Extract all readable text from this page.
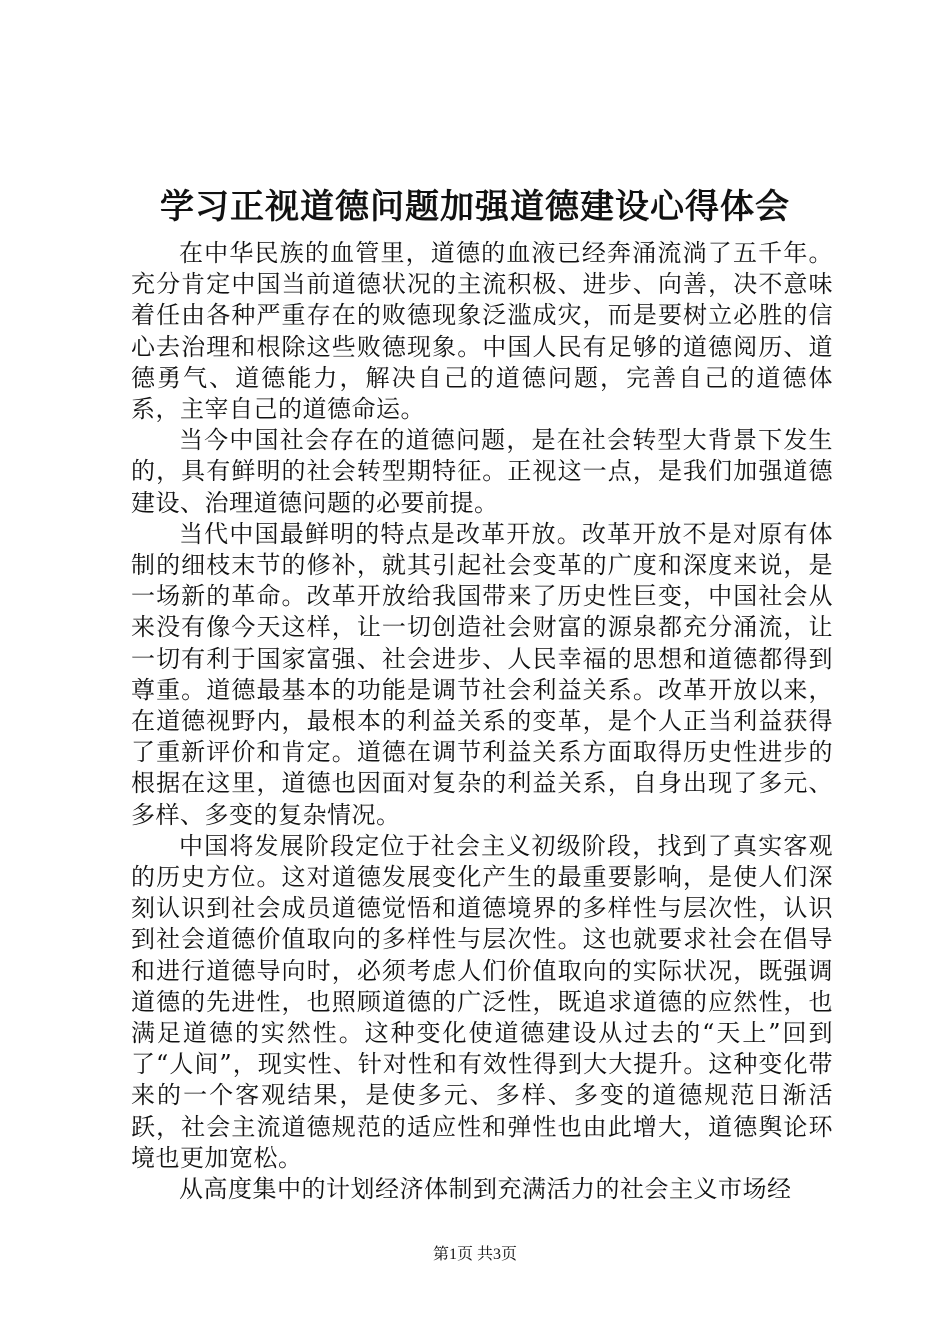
学习正视道德问题加强道德建设心得体会

在中华民族的血管里，道德的血液已经奔涌流淌了五千年。充分肯定中国当前道德状况的主流积极、进步、向善，决不意味着任由各种严重存在的败德现象泛滥成灾，而是要树立必胜的信心去治理和根除这些败德现象。中国人民有足够的道德阅历、道德勇气、道德能力，解决自己的道德问题，完善自己的道德体系，主宰自己的道德命运。

当今中国社会存在的道德问题，是在社会转型大背景下发生的，具有鲜明的社会转型期特征。正视这一点，是我们加强道德建设、治理道德问题的必要前提。

当代中国最鲜明的特点是改革开放。改革开放不是对原有体制的细枝末节的修补，就其引起社会变革的广度和深度来说，是一场新的革命。改革开放给我国带来了历史性巨变，中国社会从来没有像今天这样，让一切创造社会财富的源泉都充分涌流，让一切有利于国家富强、社会进步、人民幸福的思想和道德都得到尊重。道德最基本的功能是调节社会利益关系。改革开放以来，在道德视野内，最根本的利益关系的变革，是个人正当利益获得了重新评价和肯定。道德在调节利益关系方面取得历史性进步的根据在这里，道德也因面对复杂的利益关系，自身出现了多元、多样、多变的复杂情况。

中国将发展阶段定位于社会主义初级阶段，找到了真实客观的历史方位。这对道德发展变化产生的最重要影响，是使人们深刻认识到社会成员道德觉悟和道德境界的多样性与层次性，认识到社会道德价值取向的多样性与层次性。这也就要求社会在倡导和进行道德导向时，必须考虑人们价值取向的实际状况，既强调道德的先进性，也照顾道德的广泛性，既追求道德的应然性，也满足道德的实然性。这种变化使道德建设从过去的“天上”回到了“人间”，现实性、针对性和有效性得到大大提升。这种变化带来的一个客观结果，是使多元、多样、多变的道德规范日渐活跃，社会主流道德规范的适应性和弹性也由此增大，道德舆论环境也更加宽松。

从高度集中的计划经济体制到充满活力的社会主义市场经

第1页 共3页
